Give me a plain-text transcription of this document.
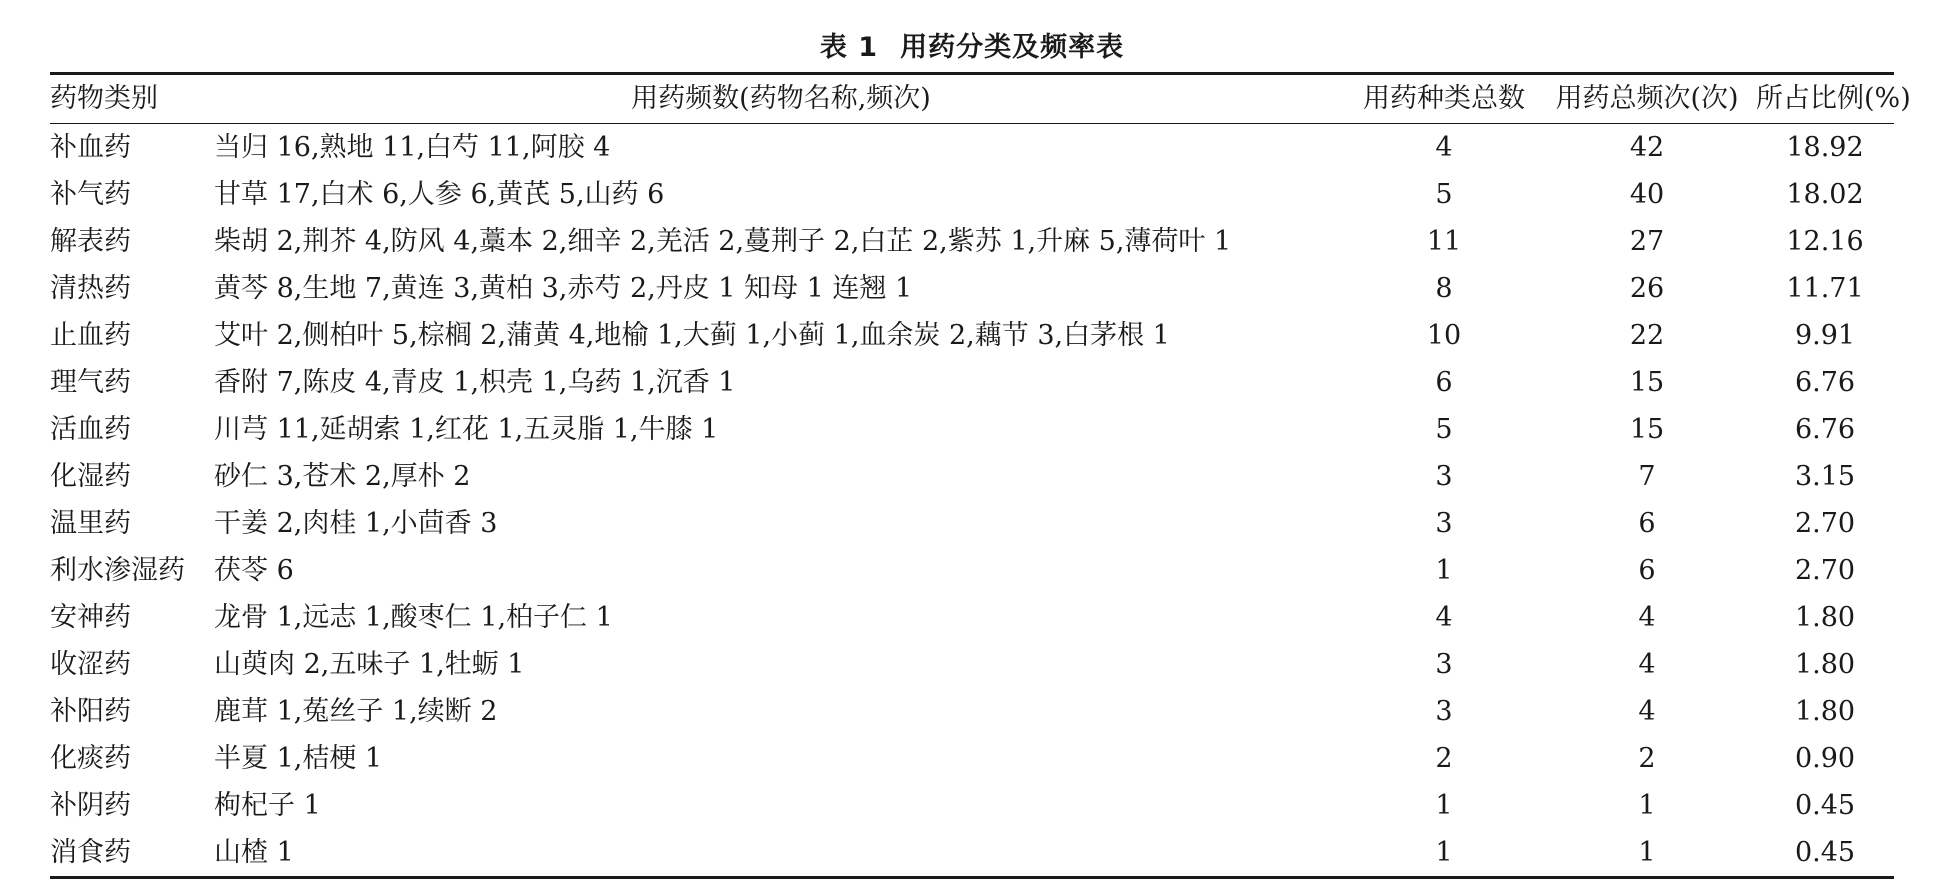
表 1 用药分类及频率表
药物类别	用药频数(药物名称,频次)	用药种类总数	用药总频次(次)	所占比例(%)
补血药	当归 16,熟地 11,白芍 11,阿胶 4	4	42	18.92
补气药	甘草 17,白术 6,人参 6,黄芪 5,山药 6	5	40	18.02
解表药	柴胡 2,荆芥 4,防风 4,藁本 2,细辛 2,羌活 2,蔓荆子 2,白芷 2,紫苏 1,升麻 5,薄荷叶 1	11	27	12.16
清热药	黄芩 8,生地 7,黄连 3,黄柏 3,赤芍 2,丹皮 1 知母 1 连翘 1	8	26	11.71
止血药	艾叶 2,侧柏叶 5,棕榈 2,蒲黄 4,地榆 1,大蓟 1,小蓟 1,血余炭 2,藕节 3,白茅根 1	10	22	9.91
理气药	香附 7,陈皮 4,青皮 1,枳壳 1,乌药 1,沉香 1	6	15	6.76
活血药	川芎 11,延胡索 1,红花 1,五灵脂 1,牛膝 1	5	15	6.76
化湿药	砂仁 3,苍术 2,厚朴 2	3	7	3.15
温里药	干姜 2,肉桂 1,小茴香 3	3	6	2.70
利水渗湿药	茯苓 6	1	6	2.70
安神药	龙骨 1,远志 1,酸枣仁 1,柏子仁 1	4	4	1.80
收涩药	山萸肉 2,五味子 1,牡蛎 1	3	4	1.80
补阳药	鹿茸 1,菟丝子 1,续断 2	3	4	1.80
化痰药	半夏 1,桔梗 1	2	2	0.90
补阴药	枸杞子 1	1	1	0.45
消食药	山楂 1	1	1	0.45
